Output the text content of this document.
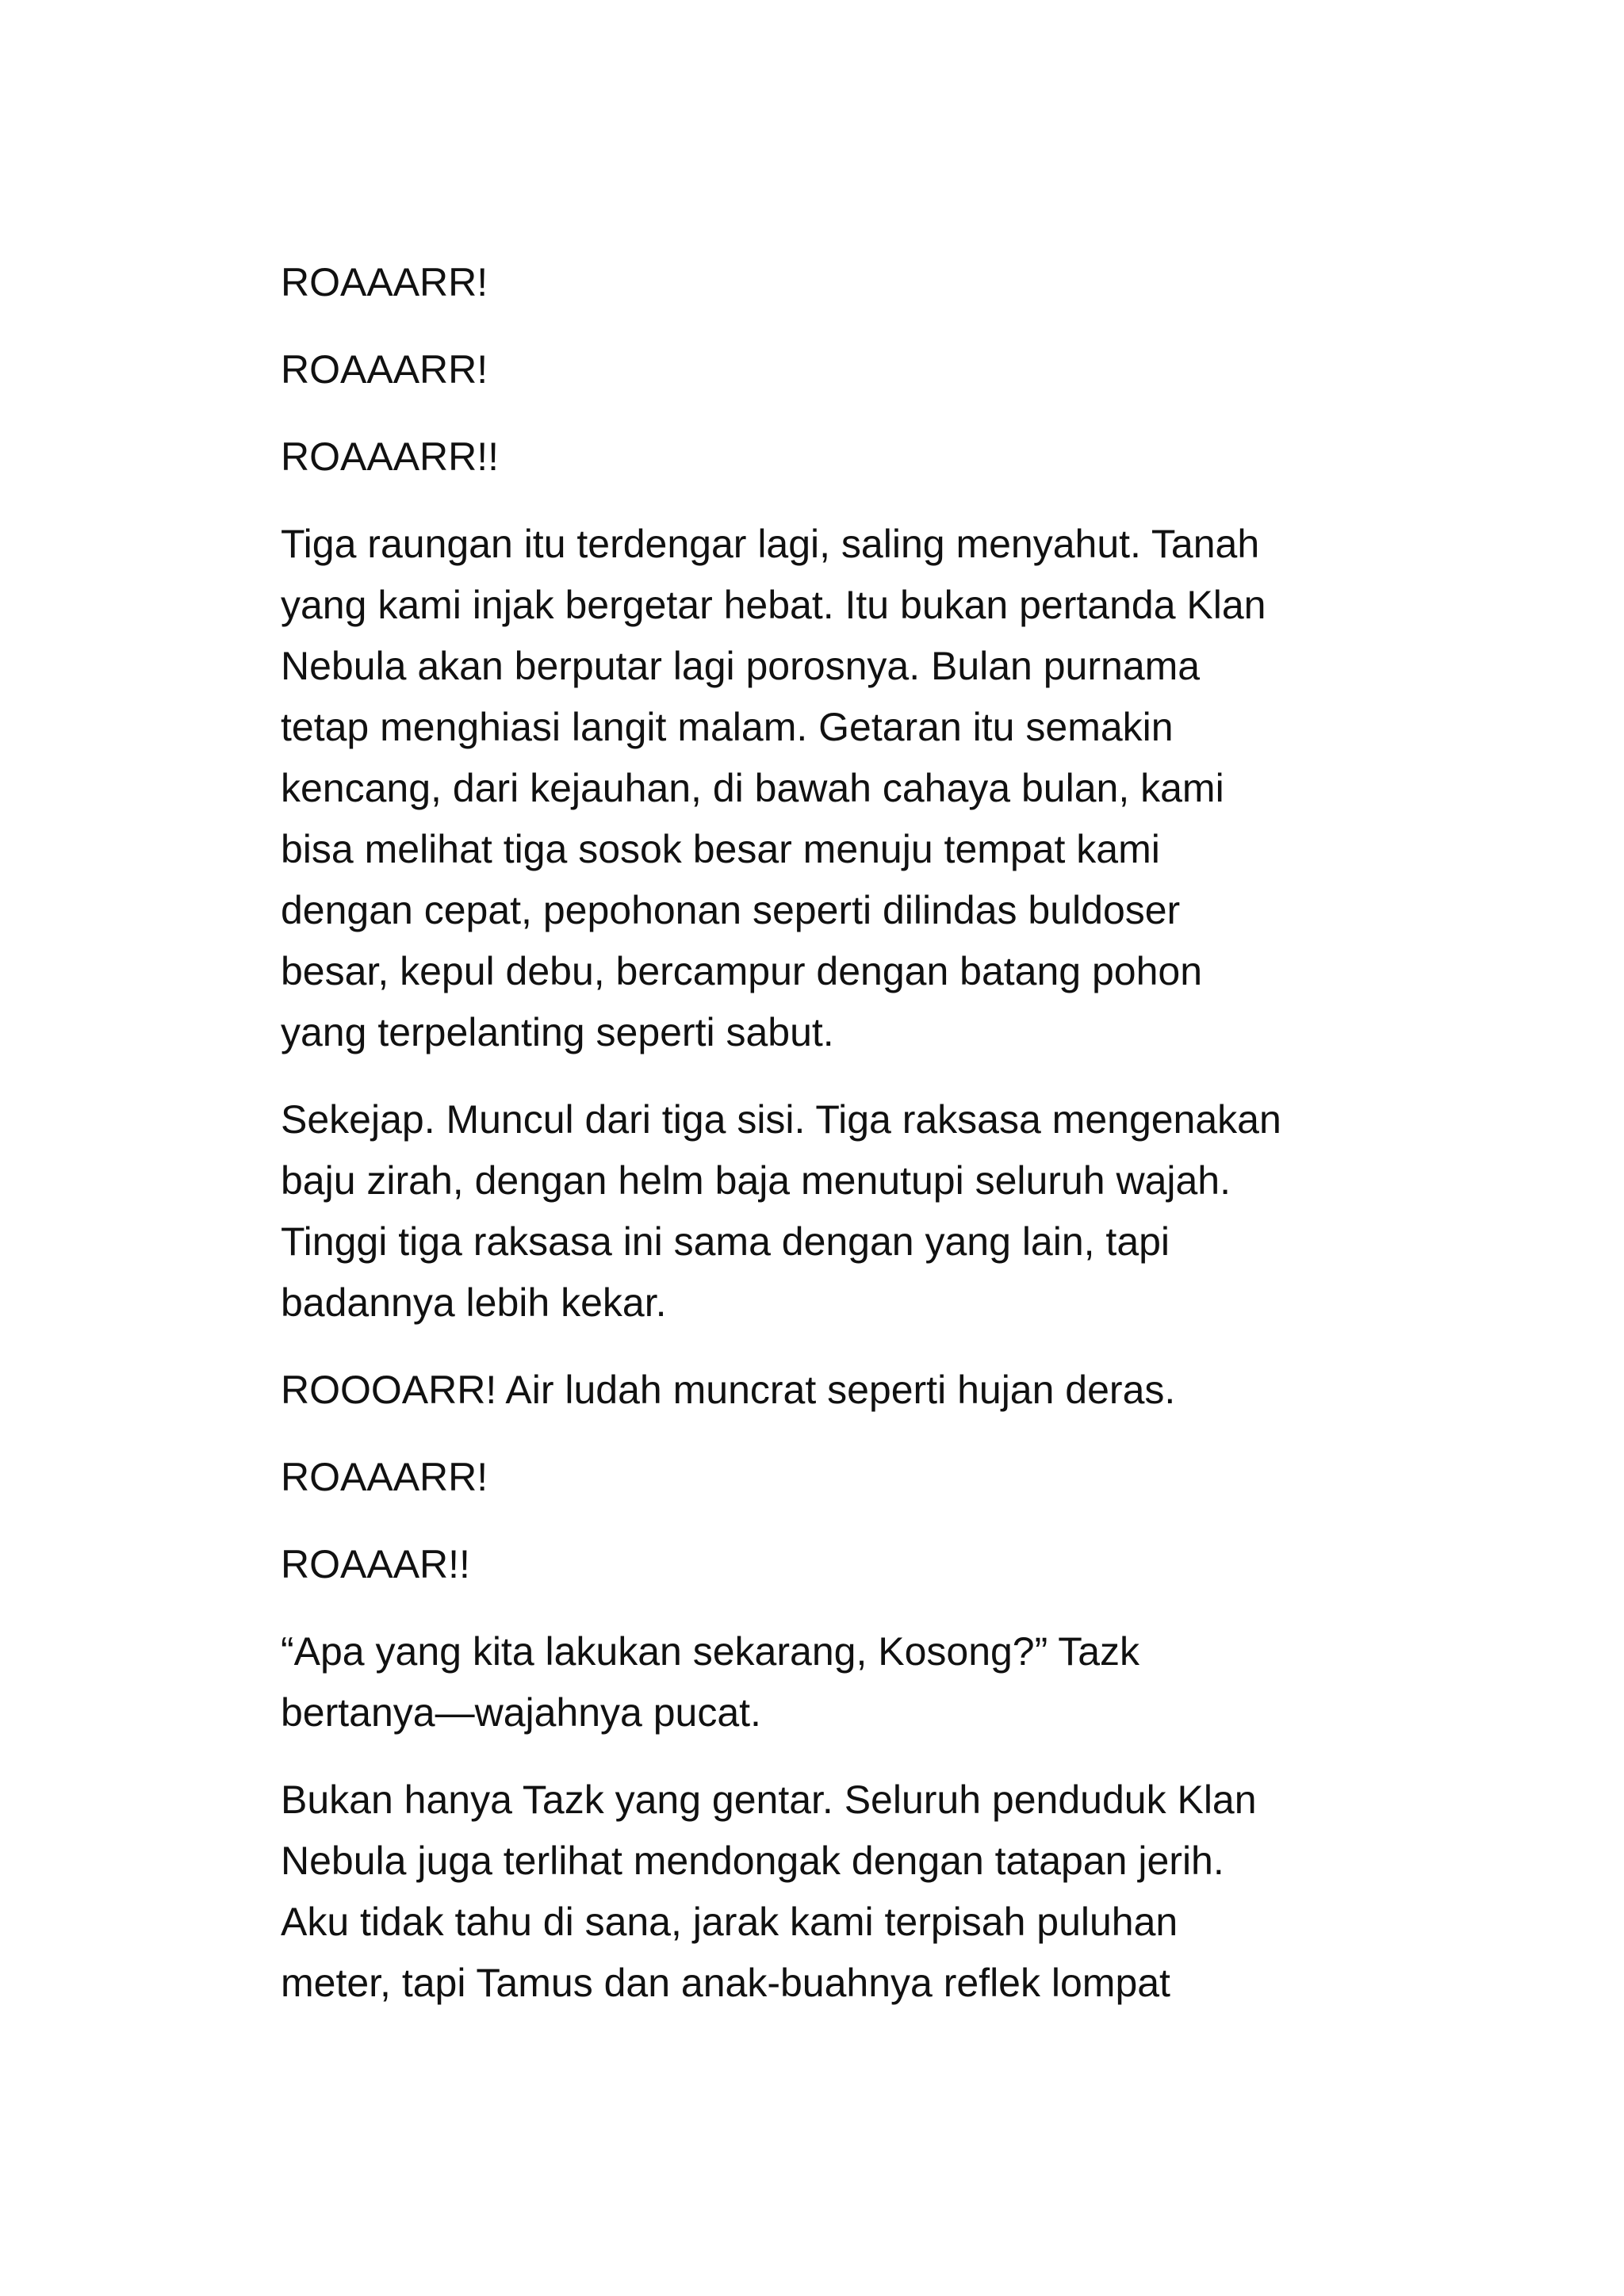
ROAAARR!

ROAAARR!

ROAAARR!!

Tiga raungan itu terdengar lagi, saling menyahut. Tanah
yang kami injak bergetar hebat. Itu bukan pertanda Klan
Nebula akan berputar lagi porosnya. Bulan purnama
tetap menghiasi langit malam. Getaran itu semakin
kencang, dari kejauhan, di bawah cahaya bulan, kami
bisa melihat tiga sosok besar menuju tempat kami
dengan cepat, pepohonan seperti dilindas buldoser
besar, kepul debu, bercampur dengan batang pohon
yang terpelanting seperti sabut.

Sekejap. Muncul dari tiga sisi. Tiga raksasa mengenakan
baju zirah, dengan helm baja menutupi seluruh wajah.
Tinggi tiga raksasa ini sama dengan yang lain, tapi
badannya lebih kekar.

ROOOARR! Air ludah muncrat seperti hujan deras.

ROAAARR!

ROAAAR!!

“Apa yang kita lakukan sekarang, Kosong?” Tazk
bertanya—wajahnya pucat.

Bukan hanya Tazk yang gentar. Seluruh penduduk Klan
Nebula juga terlihat mendongak dengan tatapan jerih.
Aku tidak tahu di sana, jarak kami terpisah puluhan
meter, tapi Tamus dan anak-buahnya reflek lompat
